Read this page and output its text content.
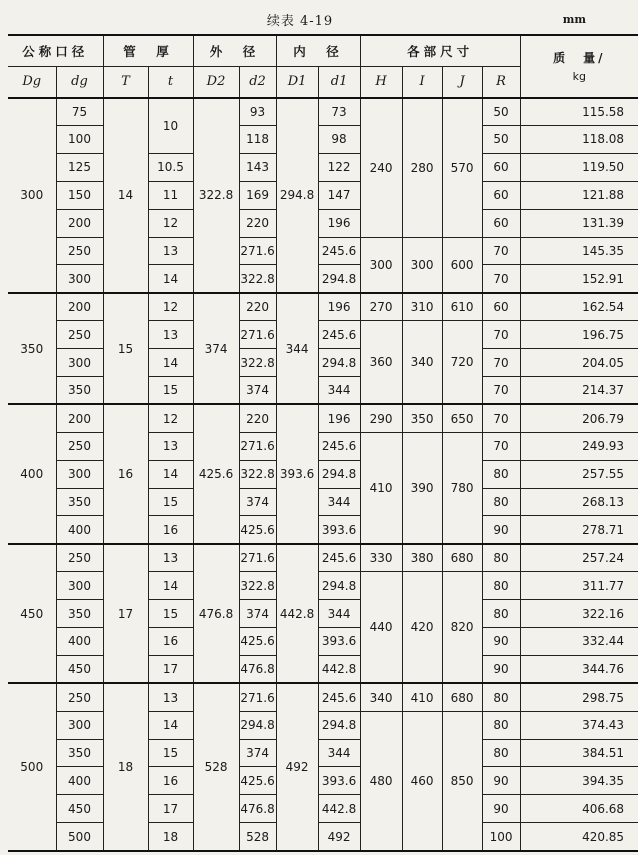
续表 4-19	mm
公称口径		管　厚		外　径		内　径		各部尺寸				质　量/
kg

Dg	dg	T	t	D2	d2	D1	d1	H	I	J	R	
300	75	14	10	322.8	93	294.8	73	240	280	570	50	115.58
	100				118		98				50	118.08
	125		10.5		143		122				60	119.50
	150		11		169		147				60	121.88
	200		12		220		196				60	131.39
	250		13		271.6		245.6	300	300	600	70	145.35
	300		14		322.8		294.8				70	152.91
350	200	15	12	374	220	344	196	270	310	610	60	162.54
	250		13		271.6		245.6	360	340	720	70	196.75
	300		14		322.8		294.8				70	204.05
	350		15		374		344				70	214.37
400	200	16	12	425.6	220	393.6	196	290	350	650	70	206.79
	250		13		271.6		245.6	410	390	780	70	249.93
	300		14		322.8		294.8				80	257.55
	350		15		374		344				80	268.13
	400		16		425.6		393.6				90	278.71
450	250	17	13	476.8	271.6	442.8	245.6	330	380	680	80	257.24
	300		14		322.8		294.8	440	420	820	80	311.77
	350		15		374		344				80	322.16
	400		16		425.6		393.6				90	332.44
	450		17		476.8		442.8				90	344.76
500	250	18	13	528	271.6	492	245.6	340	410	680	80	298.75
	300		14		294.8		294.8	480	460	850	80	374.43
	350		15		374		344				80	384.51
	400		16		425.6		393.6				90	394.35
	450		17		476.8		442.8				90	406.68
	500		18		528		492				100	420.85
